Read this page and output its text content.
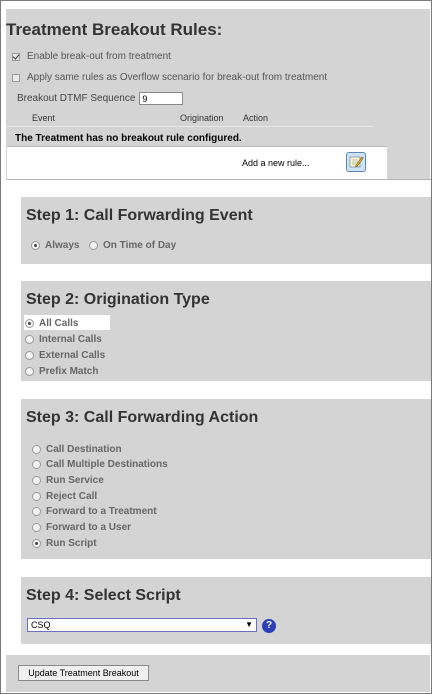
Treatment Breakout Rules:
Enable break-out from treatment
Apply same rules as Overflow scenario for break-out from treatment
Breakout DTMF Sequence 9
Event	Origination Action
The Treatment has no breakout rule configured.
Add a new rule...
Step 1: Call Forwarding Event
Always On Time of Day
Step 2: Origination Type
All Calls
Internal Calls
External Calls
Prefix Match
Step 3: Call Forwarding Action
Call Destination
Call Multiple Destinations
Run Service
Reject Call
Forward to a Treatment
Forward to a User
Run Script
Step 4: Select Script
CSQ	▼	?
Update Treatment Breakout
